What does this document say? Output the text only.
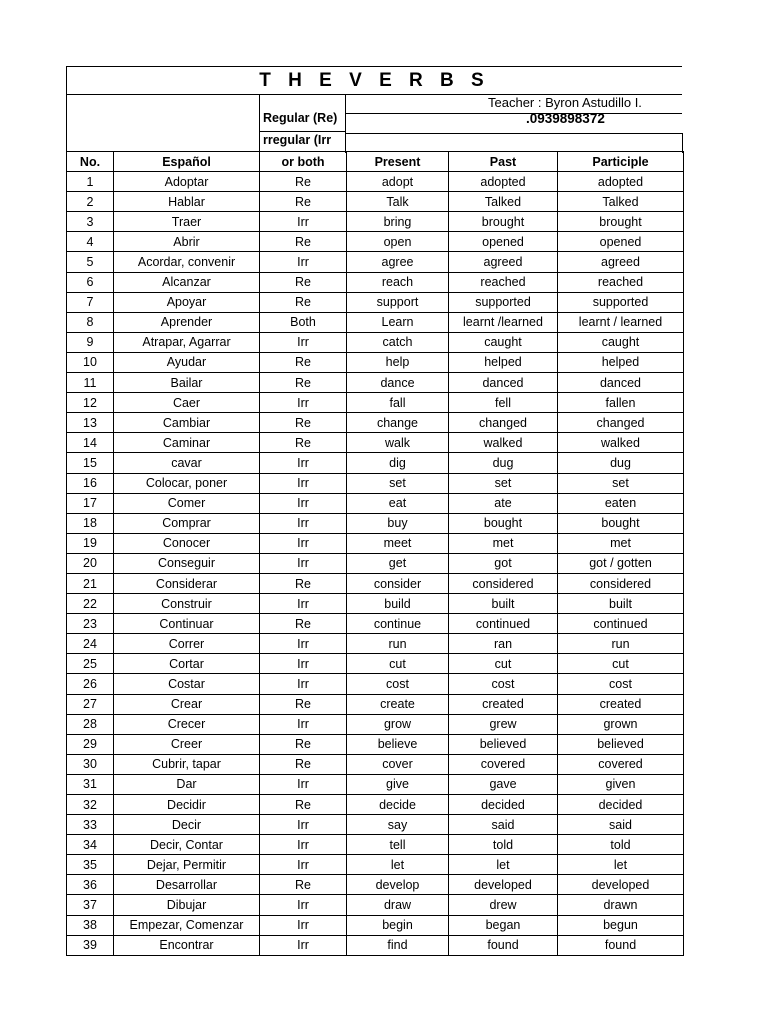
T H E V E R B S
Regular (Re)
rregular (Irr
Teacher : Byron Astudillo I.
.0939898372
No.	Español	or both	Present	Past	Participle
1	Adoptar	Re	adopt	adopted	adopted
2	Hablar	Re	Talk	Talked	Talked
3	Traer	Irr	bring	brought	brought
4	Abrir	Re	open	opened	opened
5	Acordar, convenir	Irr	agree	agreed	agreed
6	Alcanzar	Re	reach	reached	reached
7	Apoyar	Re	support	supported	supported
8	Aprender	Both	Learn	learnt /learned	learnt / learned
9	Atrapar, Agarrar	Irr	catch	caught	caught
10	Ayudar	Re	help	helped	helped
11	Bailar	Re	dance	danced	danced
12	Caer	Irr	fall	fell	fallen
13	Cambiar	Re	change	changed	changed
14	Caminar	Re	walk	walked	walked
15	cavar	Irr	dig	dug	dug
16	Colocar, poner	Irr	set	set	set
17	Comer	Irr	eat	ate	eaten
18	Comprar	Irr	buy	bought	bought
19	Conocer	Irr	meet	met	met
20	Conseguir	Irr	get	got	got / gotten
21	Considerar	Re	consider	considered	considered
22	Construir	Irr	build	built	built
23	Continuar	Re	continue	continued	continued
24	Correr	Irr	run	ran	run
25	Cortar	Irr	cut	cut	cut
26	Costar	Irr	cost	cost	cost
27	Crear	Re	create	created	created
28	Crecer	Irr	grow	grew	grown
29	Creer	Re	believe	believed	believed
30	Cubrir, tapar	Re	cover	covered	covered
31	Dar	Irr	give	gave	given
32	Decidir	Re	decide	decided	decided
33	Decir	Irr	say	said	said
34	Decir, Contar	Irr	tell	told	told
35	Dejar, Permitir	Irr	let	let	let
36	Desarrollar	Re	develop	developed	developed
37	Dibujar	Irr	draw	drew	drawn
38	Empezar, Comenzar	Irr	begin	began	begun
39	Encontrar	Irr	find	found	found
